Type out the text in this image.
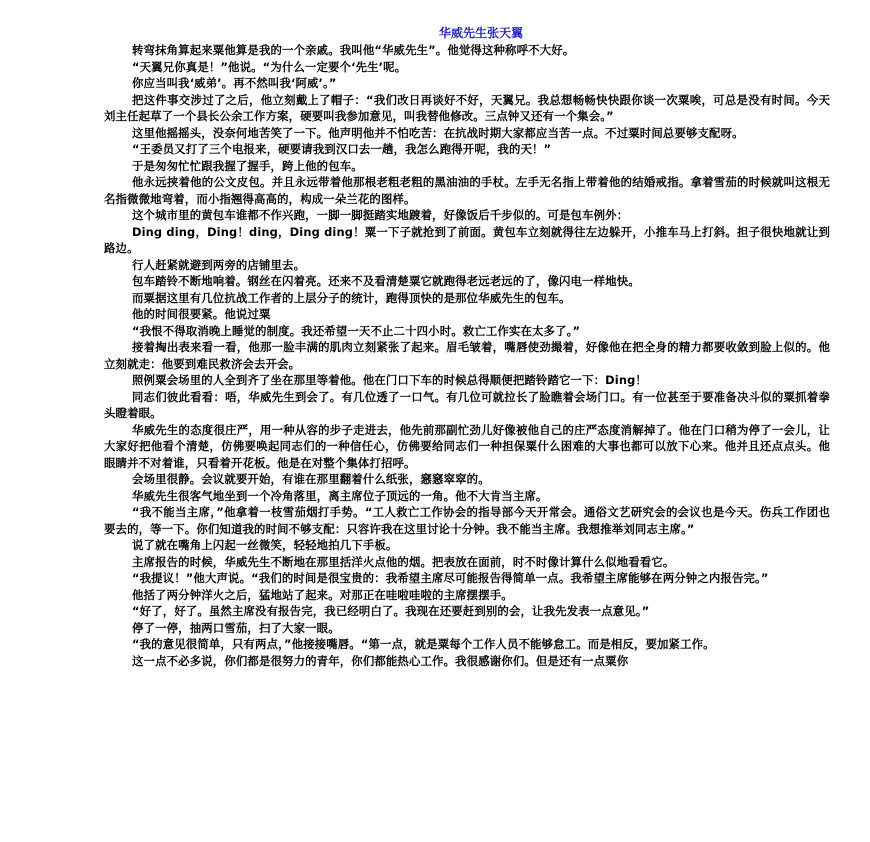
华威先生张天翼

转弯抹角算起来粟他算是我的一个亲戚。我叫他“华威先生”。他觉得这种称呼不大好。

“天翼兄你真是！”他说。“为什么一定要个‘先生’呢。

你应当叫我‘威弟’。再不然叫我‘阿威’。”

把这件事交涉过了之后，他立刻戴上了帽子：“我们改日再谈好不好，天翼兄。我总想畅畅快快跟你谈一次粟唉，可总是没有时间。今天刘主任起草了一个县长公余工作方案，硬要叫我参加意见，叫我替他修改。三点钟又还有一个集会。”

这里他摇摇头，没奈何地苦笑了一下。他声明他并不怕吃苦：在抗战时期大家都应当苦一点。不过粟时间总要够支配呀。

“王委员又打了三个电报来，硬要请我到汉口去一趟，我怎么跑得开呢，我的天！”

于是匆匆忙忙跟我握了握手，跨上他的包车。

他永远挟着他的公文皮包。并且永远带着他那根老粗老粗的黑油油的手杖。左手无名指上带着他的结婚戒指。拿着雪茄的时候就叫这根无名指微微地弯着，而小指翘得高高的，构成一朵兰花的图样。

这个城市里的黄包车谁都不作兴跑，一脚一脚挺踏实地踱着，好像饭后千步似的。可是包车例外：

Ding ding，Ding！ding，Ding ding！粟一下子就抢到了前面。黄包车立刻就得往左边躲开，小推车马上打斜。担子很快地就让到路边。

行人赶紧就避到两旁的店铺里去。

包车踏铃不断地响着。钢丝在闪着亮。还来不及看清楚粟它就跑得老远老远的了，像闪电一样地快。

而粟据这里有几位抗战工作者的上层分子的统计，跑得顶快的是那位华威先生的包车。

他的时间很要紧。他说过粟

“我恨不得取消晚上睡觉的制度。我还希望一天不止二十四小时。救亡工作实在太多了。”

接着掏出表来看一看，他那一脸丰满的肌肉立刻紧张了起来。眉毛皱着，嘴唇使劲撮着，好像他在把全身的精力都要收敛到脸上似的。他立刻就走：他要到难民救济会去开会。

照例粟会场里的人全到齐了坐在那里等着他。他在门口下车的时候总得顺便把踏铃踏它一下：Ding！

同志们彼此看看：唔，华威先生到会了。有几位透了一口气。有几位可就拉长了脸瞧着会场门口。有一位甚至于要准备决斗似的粟抓着拳头瞪着眼。

华威先生的态度很庄严，用一种从容的步子走进去，他先前那副忙劲儿好像被他自己的庄严态度消解掉了。他在门口稍为停了一会儿，让大家好把他看个清楚，仿佛要唤起同志们的一种信任心，仿佛要给同志们一种担保粟什么困难的大事也都可以放下心来。他并且还点点头。他眼睛并不对着谁，只看着开花板。他是在对整个集体打招呼。

会场里很静。会议就要开始，有谁在那里翻着什么纸张，窸窸窣窣的。

华威先生很客气地坐到一个冷角落里，离主席位子顶远的一角。他不大肯当主席。

“我不能当主席，”他拿着一枝雪茄烟打手势。“工人救亡工作协会的指导部今天开常会。通俗文艺研究会的会议也是今天。伤兵工作团也要去的，等一下。你们知道我的时间不够支配：只容许我在这里讨论十分钟。我不能当主席。我想推举刘同志主席。”

说了就在嘴角上闪起一丝微笑，轻轻地拍几下手板。

主席报告的时候，华威先生不断地在那里括洋火点他的烟。把表放在面前，时不时像计算什么似地看看它。

“我提议！”他大声说。“我们的时间是很宝贵的：我希望主席尽可能报告得简单一点。我希望主席能够在两分钟之内报告完。”

他括了两分钟洋火之后，猛地站了起来。对那正在哇啦哇啦的主席摆摆手。

“好了，好了。虽然主席没有报告完，我已经明白了。我现在还要赶到别的会，让我先发表一点意见。”

停了一停，抽两口雪茄，扫了大家一眼。

“我的意见很简单，只有两点，”他接接嘴唇。“第一点，就是粟每个工作人员不能够怠工。而是相反，要加紧工作。

这一点不必多说，你们都是很努力的青年，你们都能热心工作。我很感谢你们。但是还有一点粟你
